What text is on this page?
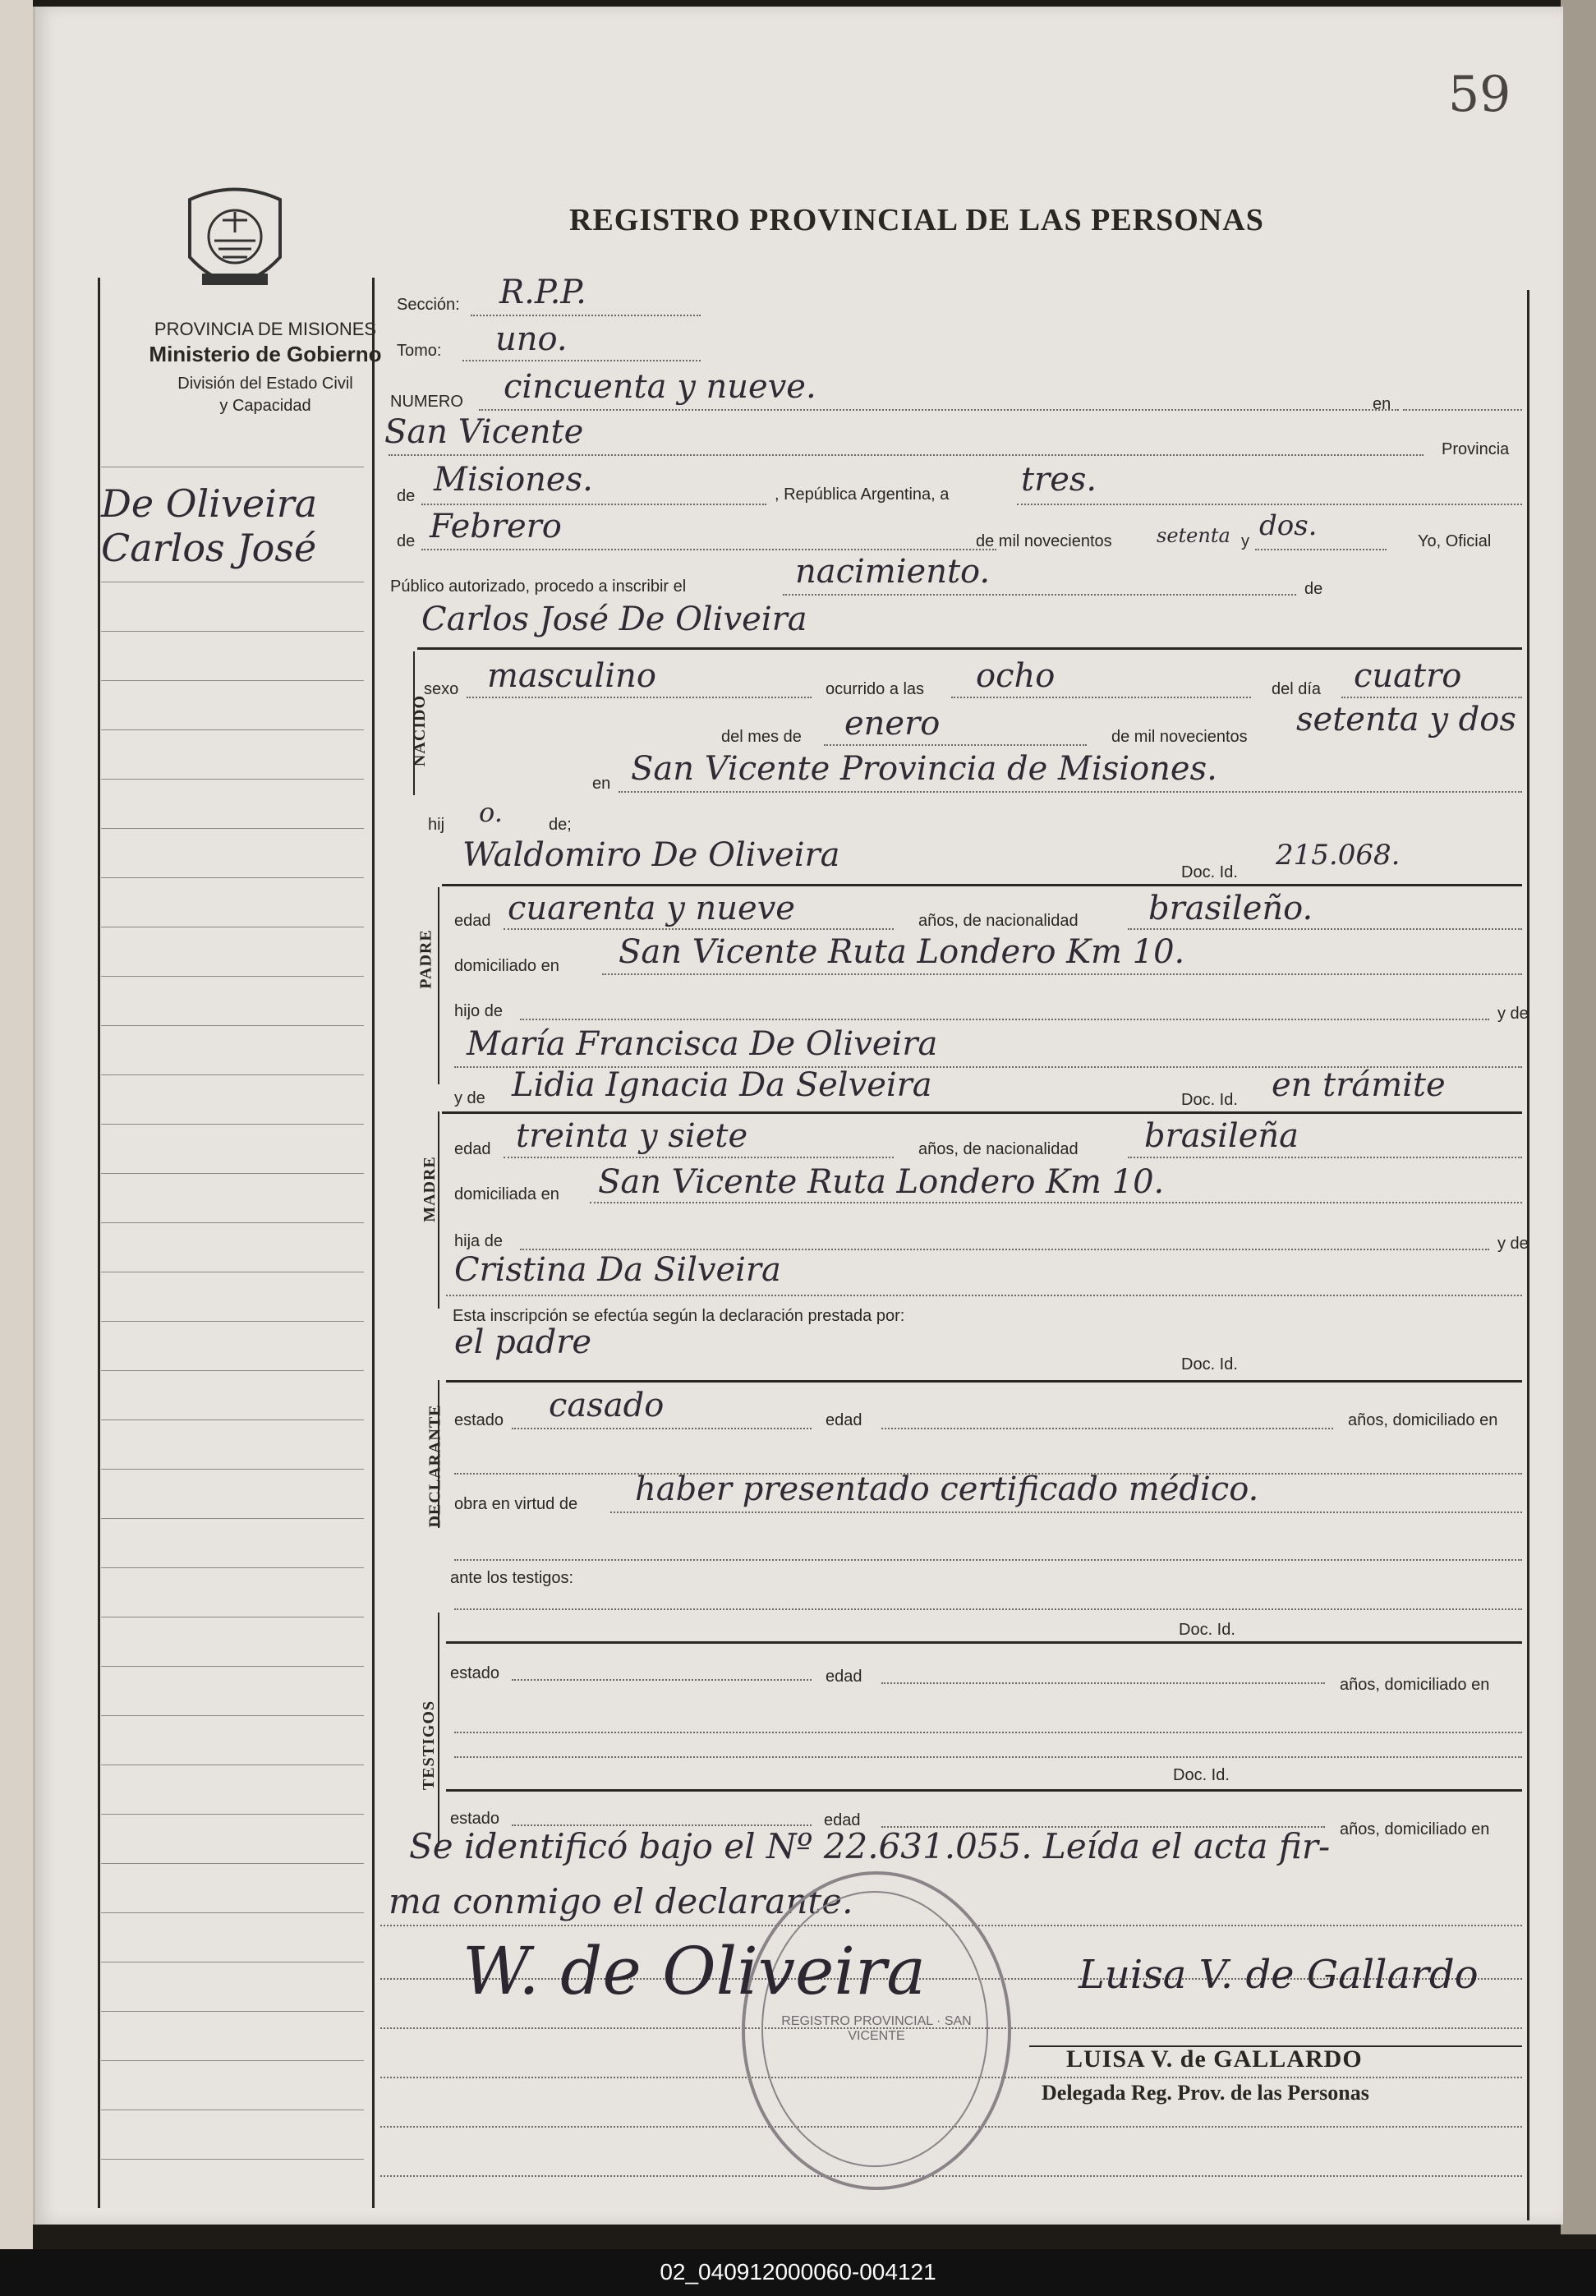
59
REGISTRO PROVINCIAL DE LAS PERSONAS
PROVINCIA DE MISIONES
Ministerio de Gobierno
División del Estado Civil
y Capacidad
De Oliveira
Carlos José
Sección: R.P.P.
Tomo: uno.
NUMERO cincuenta y nueve.	en
San Vicente	Provincia
de Misiones.	, República Argentina, a tres.
de Febrero	de mil novecientos setenta y dos.	Yo, Oficial
Público autorizado, procedo a inscribir el	nacimiento.	de
NACIDO
Carlos José De Oliveira
sexo masculino	ocurrido a las ocho	del día cuatro
del mes de enero	de mil novecientos setenta y dos
en San Vicente Provincia de Misiones.
hij o.	de;
PADRE
Waldomiro De Oliveira	Doc. Id.
215.068.
edad cuarenta y nueve	años, de nacionalidad brasileño.
domiciliado en San Vicente Ruta Londero Km 10.
hijo de	y de
María Francisca De Oliveira
y de Lidia Ignacia Da Selveira	Doc. Id. en trámite
MADRE
edad treinta y siete	años, de nacionalidad brasileña
domiciliada en San Vicente Ruta Londero Km 10.
hija de	y de
Cristina Da Silveira
Esta inscripción se efectúa según la declaración prestada por:
el padre
Doc. Id.
DECLARANTE estado casado	edad	años, domiciliado en
obra en virtud de haber presentado certificado médico.
ante los testigos:
TESTIGOS
Doc. Id.
estado	edad	años, domiciliado en
Doc. Id.
estado	edad	años, domiciliado en
Se identificó bajo el Nº 22.631.055. Leída el acta fir-
ma conmigo el declarante.
REGISTRO PROVINCIAL · SAN VICENTE
W. de Oliveira	Luisa V. de Gallardo
LUISA V. de GALLARDO
Delegada Reg. Prov. de las Personas
02_040912000060-004121
